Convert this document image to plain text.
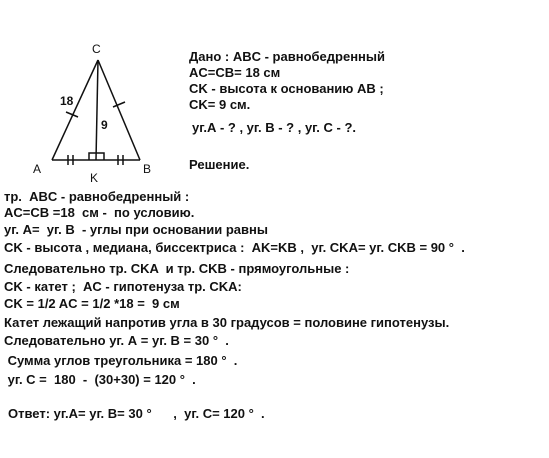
C
A	B
K
18
9
Дано : ABC - равнобедренный
AC=CB= 18 см
CK - высота к основанию AB ;
CK= 9 см.
уг.А - ? , уг. В - ? , уг. С - ?.
Решение.
тр.  ABC - равнобедренный :
AC=CB =18  см -  по условию.
уг. А=  уг. В  - углы при основании равны
CK - высота , медиана, биссектриса :  AK=KB ,  уг. CKA= уг. CKB = 90 °  .
Следовательно тр. CKA  и тр. CKB - прямоугольные :
CK - катет ;  AC - гипотенуза тр. CKA:
CK = 1/2 AC = 1/2 *18 =  9 см
Катет лежащий напротив угла в 30 градусов = половине гипотенузы.
Следовательно уг. А = уг. В = 30 °  .
Сумма углов треугольника = 180 °  .
уг. С =  180  -  (30+30) = 120 °  .
Ответ: уг.А= уг. В= 30 °      ,  уг. С= 120 °  .
